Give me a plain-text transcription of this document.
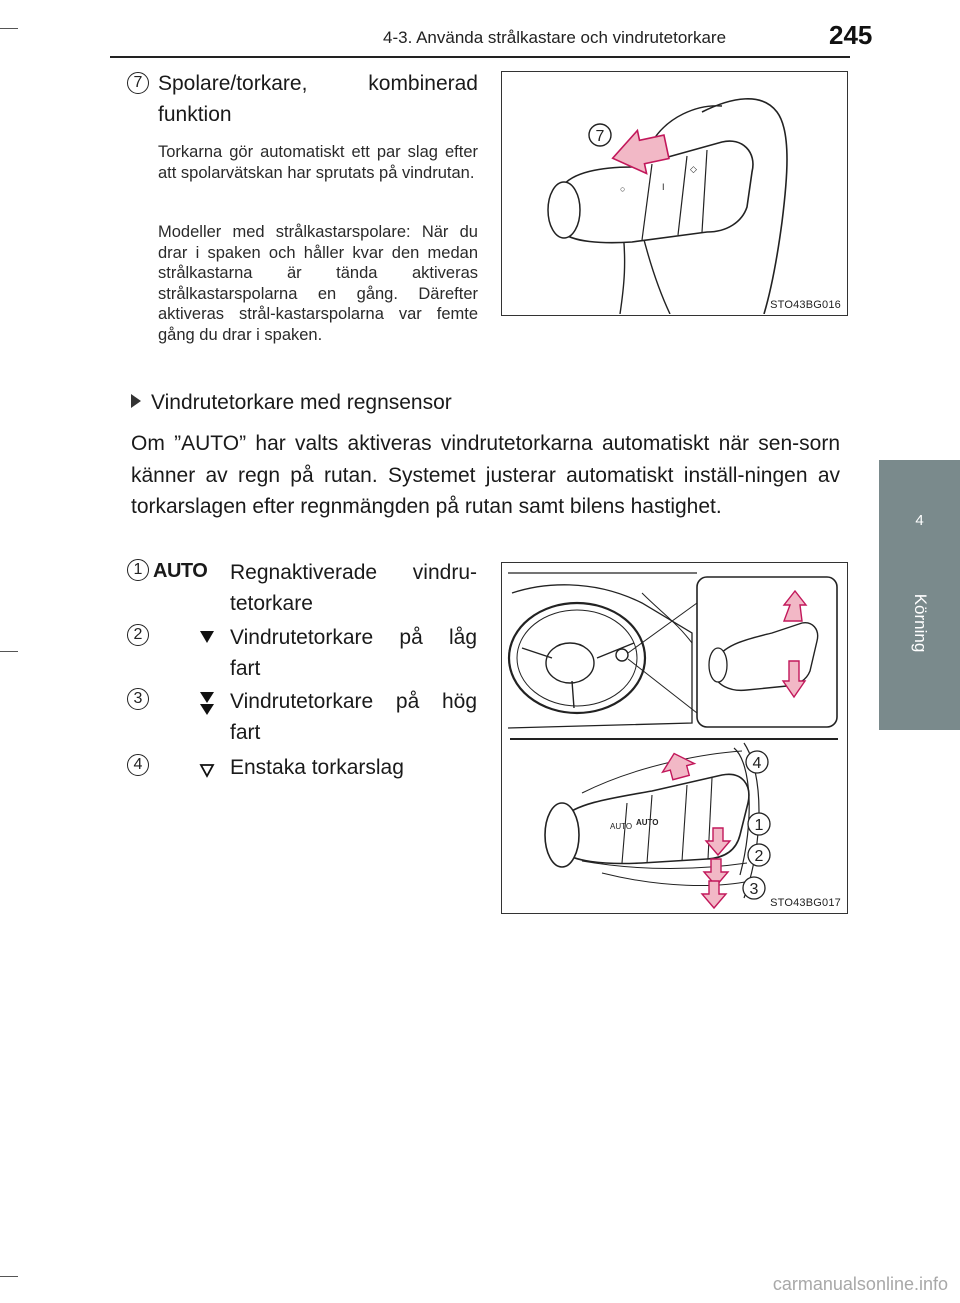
4-3. Använda strålkastare och vindrutetorkare	245
4
Körning
7 Spolare/torkare, kombinerad
funktion
Torkarna gör automatiskt ett par slag efter att spolarvätskan har sprutats på vindrutan.
Modeller med strålkastarspolare: När du drar i spaken och håller kvar den medan strålkastarna är tända aktiveras strålkastarspolarna en gång. Därefter aktiveras strål-kastarspolarna var femte gång du drar i spaken.
○	I
◇
7
STO43BG016
Vindrutetorkare med regnsensor
Om ”AUTO” har valts aktiveras vindrutetorkarna automatiskt när sen-sorn känner av regn på rutan. Systemet justerar automatiskt inställ-ningen av torkarslagen efter regnmängden på rutan samt bilens hastighet.
1 AUTO Regnaktiverade vindru-
tetorkare
2	Vindrutetorkare på låg
fart
3	Vindrutetorkare på hög
fart
4	Enstaka torkarslag
AUTO AUTO
4
1
2
3
STO43BG017
carmanualsonline.info
